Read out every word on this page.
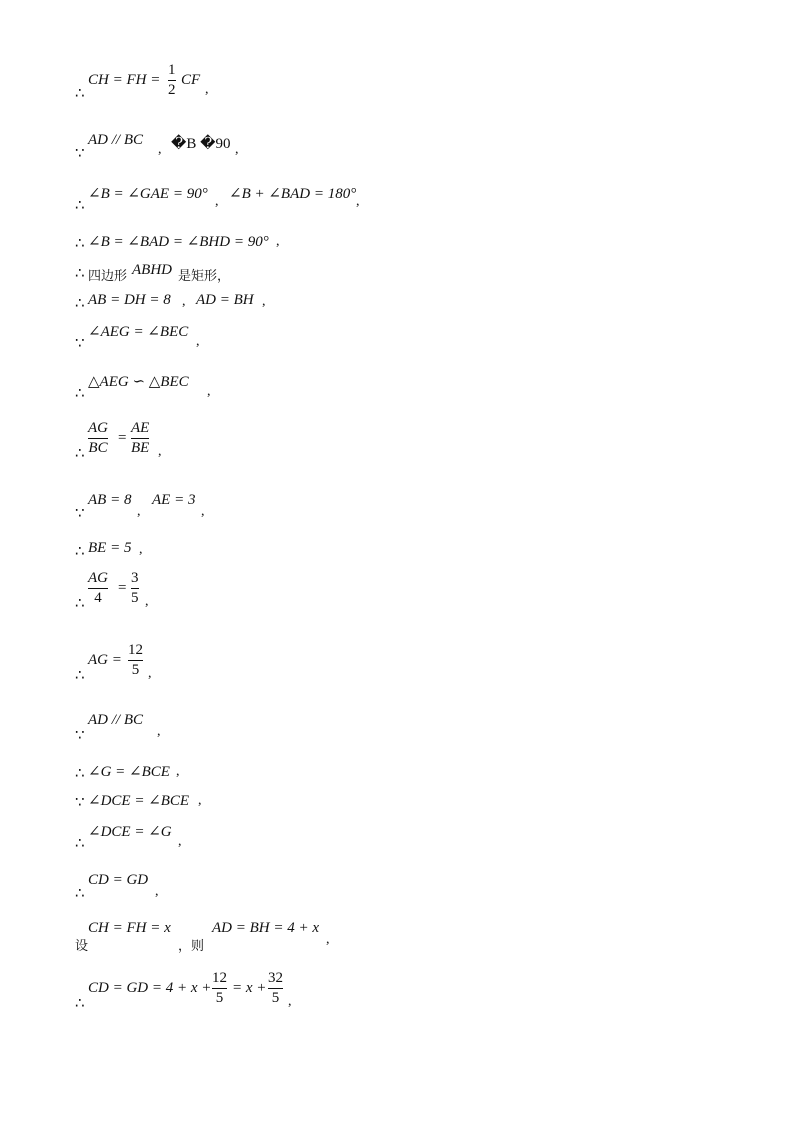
∴
CH = FH =
1
2
CF
,
∵
AD // BC
, �B �90 ,
∴
∠B = ∠GAE = 90° , ∠B + ∠BAD = 180° ,
∴ ∠B = ∠BAD = ∠BHD = 90° ,
∴ 四边形 ABHD 是矩形，
∴ AB = DH = 8 , AD = BH ,
∵
∠AEG = ∠BEC
,
∴
△AEG ∽ △BEC
,
∴
AG
BC
=
AE
BE ,
∵
AB = 8
,
AE = 3
,
∴ BE = 5 ,
∴
AG
4
=
3
5 ,
∴
AG =
12
5 ,
∵
AD // BC
,
∴ ∠G = ∠BCE ,
∵ ∠DCE = ∠BCE ,
∴
∠DCE = ∠G
,
∴
CD = GD
,
设
CH = FH = x
，则
AD = BH = 4 + x
,
∴
CD = GD = 4 + x +
12
5
= x +
32
5 ,
